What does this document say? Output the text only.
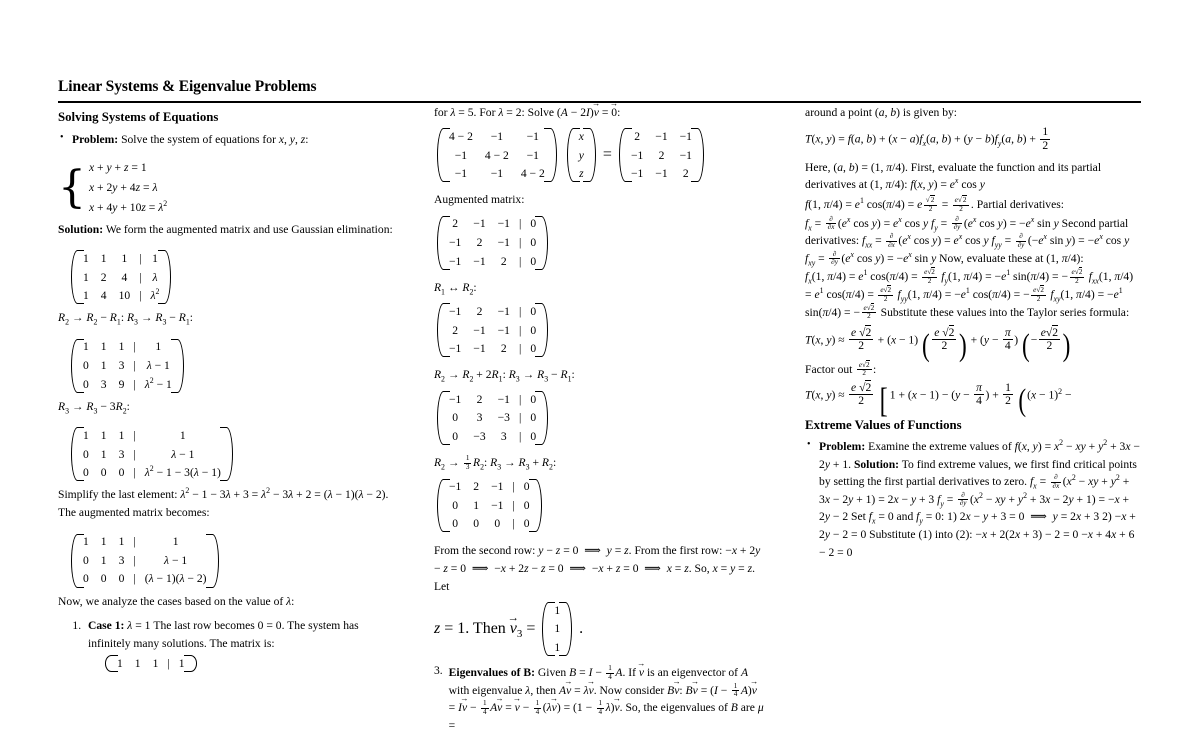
Linear Systems & Eigenvalue Problems
Solving Systems of Equations
• Problem: Solve the system of equations for x, y, z:
{ x + y + z = 1
x + 2y + 4z = λ
$x + 4y + 10z = \lambda^2$

Solution: We form the augmented matrix and use Gaussian elimination:

1	1	1	|	1
1	2	4	|	λ
1	4	10	|	$\lambda^2$

$R_2 \to R_2 - R_1$: $R_3 \to R_3 - R_1$:

1	1	1	|	1
0	1	3	|	λ − 1
0	3	9	|	$\lambda^2 - 1$

$R_3 \to R_3 - 3R_2$:

1	1	1	|	1
0	1	3	|	λ − 1
0	0	0	|	$\lambda^2 - 1 - 3(\lambda - 1)$

Simplify the last element: $\lambda^2 - 1 - 3\lambda + 3 = \lambda^2 - 3\lambda + 2 = (\lambda - 1)(\lambda - 2)$. The augmented matrix becomes:

1	1	1	|	1
0	1	3	|	λ − 1
0	0	0	|	(λ − 1)(λ − 2)

Now, we analyze the cases based on the value of λ:

1. Case 1: λ = 1 The last row becomes 0 = 0. The system has infinitely many solutions. The matrix is:
1	1	1	|	1

for λ = 5. For λ = 2: Solve (A − 2I)v → = 0 →:

4 − 2	−1	−1
−1	4 − 2	−1
−1	−1	4 − 2
x
y
z
=
2	−1	−1
−1	2	−1
−1	−1	2

Augmented matrix:

2	−1	−1	|	0
−1	2	−1	|	0
−1	−1	2	|	0

$R_1$ ↔ $R_2$:

−1	2	−1	|	0
2	−1	−1	|	0
−1	−1	2	|	0

$R_2 \to R_2 + 2R_1$: $R_3 \to R_3 - R_1$:

−1	2	−1	|	0
0	3	−3	|	0
0	−3	3	|	0

$R_2 \to \frac{1}{3} R_2$: $R_3 \to R_3 + R_2$:

−1	2	−1	|	0
0	1	−1	|	0
0	0	0	|	0

From the second row: y − z = 0  ⟹  y = z. From the first row: −x + 2y − z = 0  ⟹  −x + 2z − z = 0  ⟹  −x + z = 0  ⟹  x = z. So, x = y = z. Let

z = 1. Then $v \to_3$ =
1
1
1
.
3. Eigenvalues of B: Given $B = I - \frac{1}{4} A$. If v → is an eigenvector of A with eigenvalue λ, then Av → = λv →. Now consider Bv →: Bv → = $(I - \frac{1}{4} A)v$ → = Iv → − $\frac{1}{4}$ Av → = v → − $\frac{1}{4} (\lambda v$ →) = $(1 - \frac{1}{4} \lambda)v$ →. So, the eigenvalues of B are μ =

around a point (a, b) is given by:

T(x, y) = f(a, $b) + (x - a)f_x(a$, $b) + (y - b)f_y(a$, $b) + \frac{1}{2}$

Here, (a, b) = (1, π/4). First, evaluate the function and its partial derivatives at (1, π/4): f(x, $y) = e^x$ cos y

f(1, $\pi/4) = e^1$ cos(π/4) = e $\frac{√2}{2} = \frac{e√2}{2}$ . Partial derivatives:

$f_x = \frac{\partial}{\partial x} (e^x$ $\cos y) = e^x$ cos y $f_y = \frac{\partial}{\partial y} (e^x$ $\cos y) = -e^x$ sin y Second partial derivatives: $f_{xx} = \frac{\partial}{\partial x} (e^x$ $\cos y) = e^x$ cos y $f_{yy} = \frac{\partial}{\partial y} (-e^x$ $\sin y) = -e^x$ cos y $f_{xy} = \frac{\partial}{\partial y} (e^x$ $\cos y) = -e^x$ sin y Now, evaluate these at (1, π/4):

$f_x(1$, $\pi/4) = e^1$ $\cos(\pi/4) = \frac{e√2}{2} f_y(1$, $\pi/4) = -e^1$ sin(π/4) = − $\frac{e√2}{2} f_{xx}(1$, $\pi/4) = e^1$ $\cos(\pi/4) = \frac{e√2}{2} f_{yy}(1$, $\pi/4) = -e^1$ cos(π/4) = − $\frac{e√2}{2} f_{xy}(1$, $\pi/4) = -e^1$ sin(π/4) = − $\frac{e√2}{2}$ Substitute these values into the Taylor series formula:

T(x, $y) \approx \frac{e √2}{2} + (x - 1)$ ( $\frac{e √2}{2}$ ) + ($y - \frac{\pi}{4}$ ) (− $\frac{e√2}{2}$ )

Factor out $\frac{e√2}{2}$ :

T(x, $y) \approx \frac{e √2}{2}$ [ $1 + (x - 1) - (y - \frac{\pi}{4}$ ) + $\frac{1}{2} ((x - 1)^2$ −
Extreme Values of Functions
• Problem: Examine the extreme values of f(x, $y) = x^2$ − xy + $y^2 + 3x - 2y + 1$. Solution: To find extreme values, we first find critical points by setting the first partial derivatives to zero. $f_x = \frac{\partial}{\partial x} (x^2$ − xy + $y^2 + 3x - 2y + 1) = 2x - y + 3$ $f_y = \frac{\partial}{\partial y} (x^2$ − xy + $y^2 + 3x - 2y + 1) = -x + 2y - 2$ Set $f_x = 0$ and $f_y = 0$: 1) 2x − y + 3 = 0  ⟹  y = 2x + 3 2) −x + 2y − 2 = 0 Substitute (1) into (2): −x + 2(2x + 3) − 2 = 0 −x + 4x + 6 − 2 = 0
